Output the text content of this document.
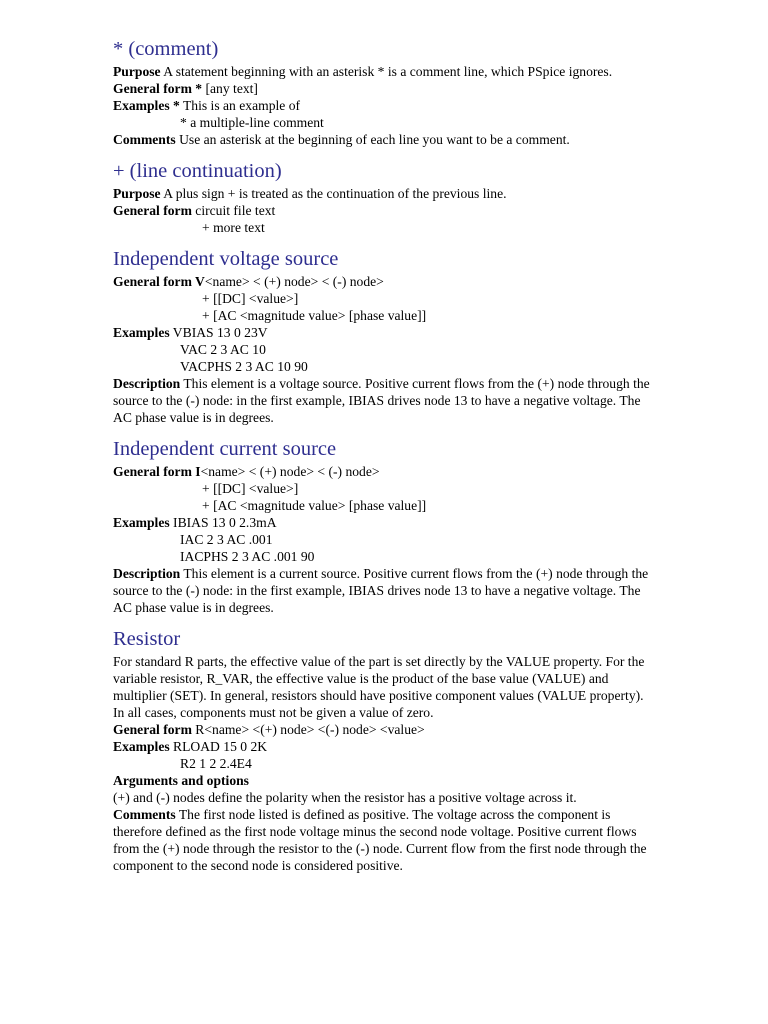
* (comment)

Purpose A statement beginning with an asterisk * is a comment line, which PSpice ignores.

General form * [any text]

Examples * This is an example of

* a multiple-line comment

Comments Use an asterisk at the beginning of each line you want to be a comment.

+ (line continuation)

Purpose A plus sign + is treated as the continuation of the previous line.

General form circuit file text

+ more text

Independent voltage source

General form V<name> < (+) node> < (-) node>

+ [[DC] <value>]

+ [AC <magnitude value> [phase value]]

Examples VBIAS 13 0 23V

VAC 2 3 AC 10

VACPHS 2 3 AC 10 90

Description This element is a voltage source. Positive current flows from the (+) node through the source to the (-) node: in the first example, IBIAS drives node 13 to have a negative voltage. The AC phase value is in degrees.

Independent current source

General form I<name> < (+) node> < (-) node>

+ [[DC] <value>]

+ [AC <magnitude value> [phase value]]

Examples IBIAS 13 0 2.3mA

IAC 2 3 AC .001

IACPHS 2 3 AC .001 90

Description This element is a current source. Positive current flows from the (+) node through the source to the (-) node: in the first example, IBIAS drives node 13 to have a negative voltage. The AC phase value is in degrees.

Resistor

For standard R parts, the effective value of the part is set directly by the VALUE property. For the variable resistor, R_VAR, the effective value is the product of the base value (VALUE) and multiplier (SET). In general, resistors should have positive component values (VALUE property). In all cases, components must not be given a value of zero.

General form R<name> <(+) node> <(-) node> <value>

Examples RLOAD 15 0 2K

R2 1 2 2.4E4

Arguments and options

(+) and (-) nodes define the polarity when the resistor has a positive voltage across it.

Comments The first node listed is defined as positive. The voltage across the component is therefore defined as the first node voltage minus the second node voltage. Positive current flows from the (+) node through the resistor to the (-) node. Current flow from the first node through the component to the second node is considered positive.
